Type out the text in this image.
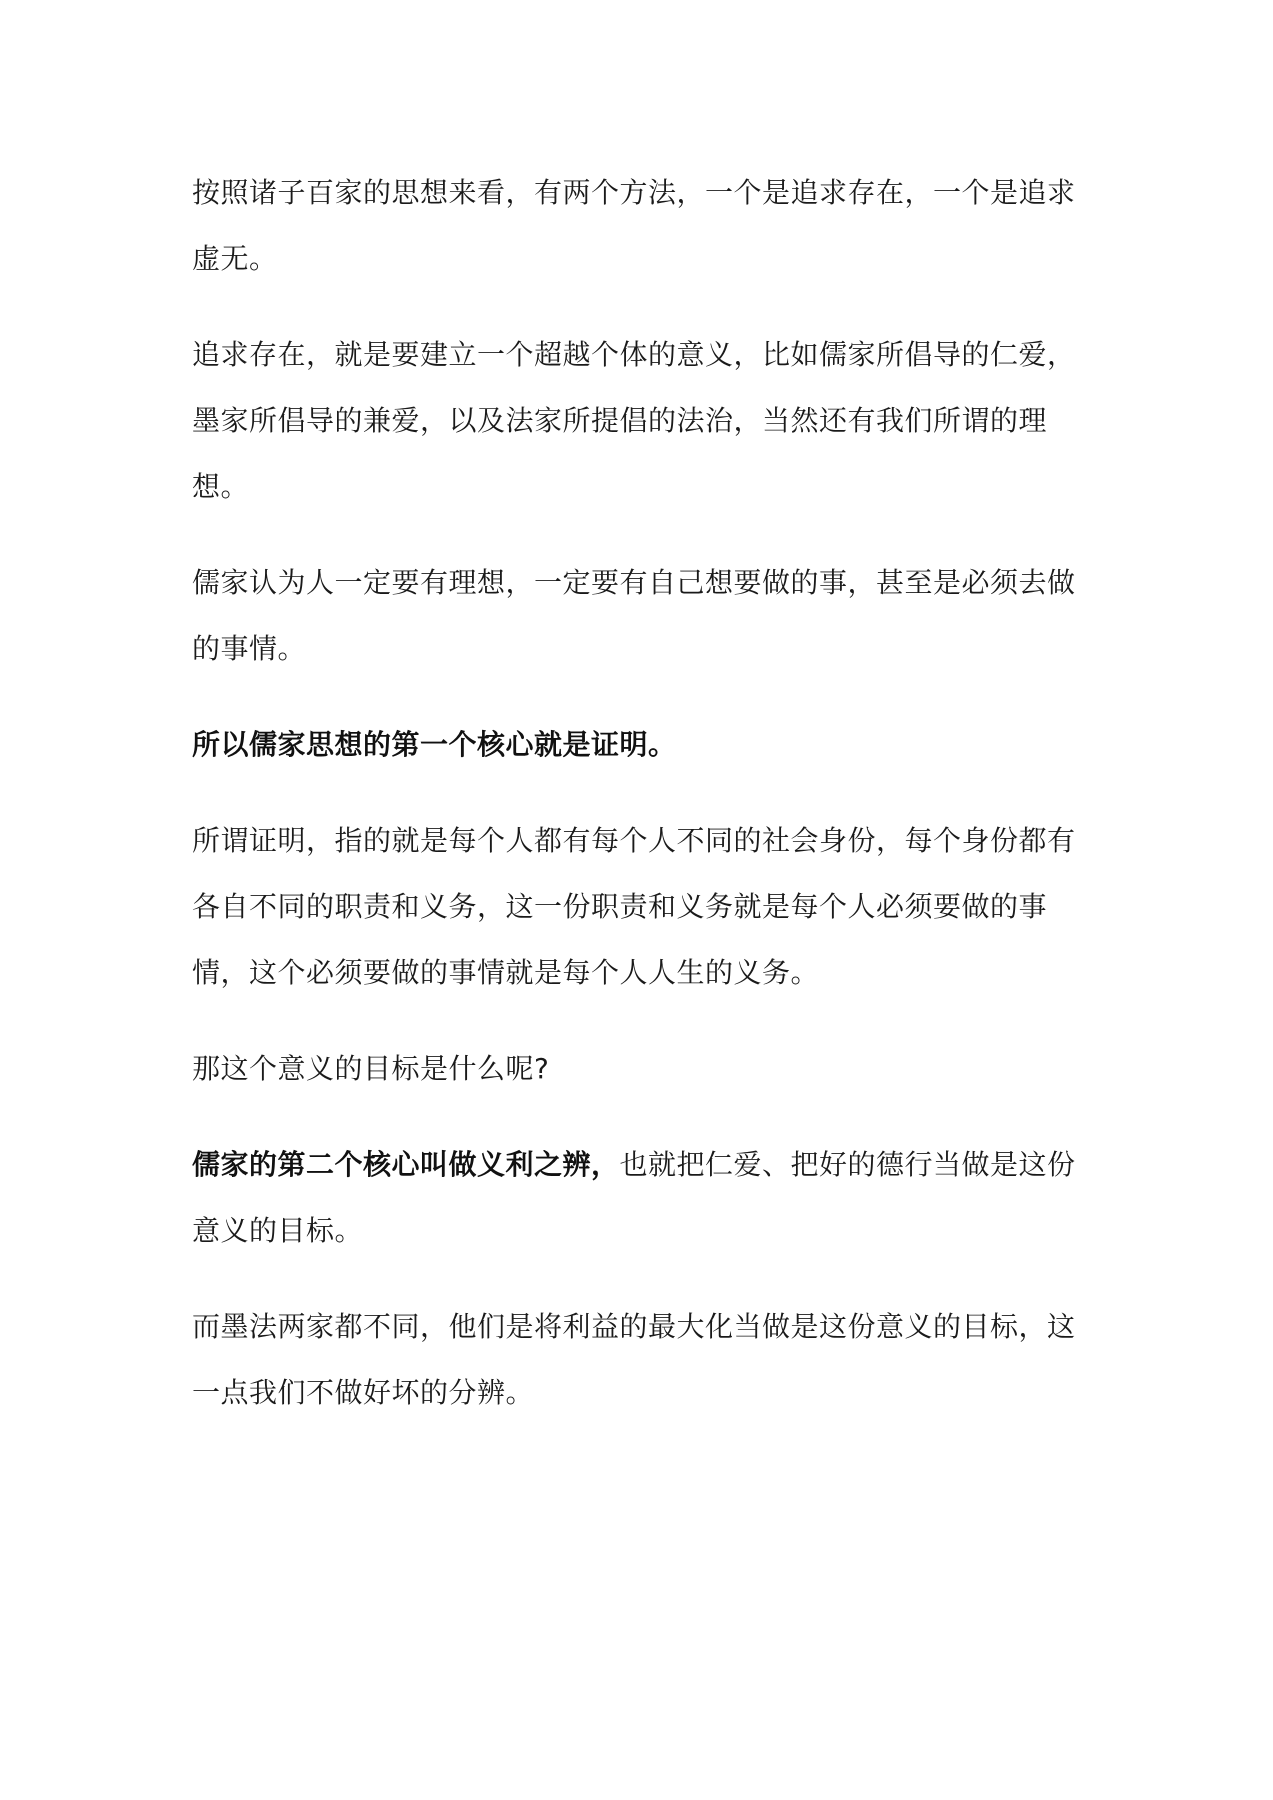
按照诸子百家的思想来看，有两个方法，一个是追求存在，一个是追求虚无。

追求存在，就是要建立一个超越个体的意义，比如儒家所倡导的仁爱，墨家所倡导的兼爱，以及法家所提倡的法治，当然还有我们所谓的理想。

儒家认为人一定要有理想，一定要有自己想要做的事，甚至是必须去做的事情。

所以儒家思想的第一个核心就是证明。

所谓证明，指的就是每个人都有每个人不同的社会身份，每个身份都有各自不同的职责和义务，这一份职责和义务就是每个人必须要做的事情，这个必须要做的事情就是每个人人生的义务。

那这个意义的目标是什么呢?

儒家的第二个核心叫做义利之辨，也就把仁爱、把好的德行当做是这份意义的目标。

而墨法两家都不同，他们是将利益的最大化当做是这份意义的目标，这一点我们不做好坏的分辨。
